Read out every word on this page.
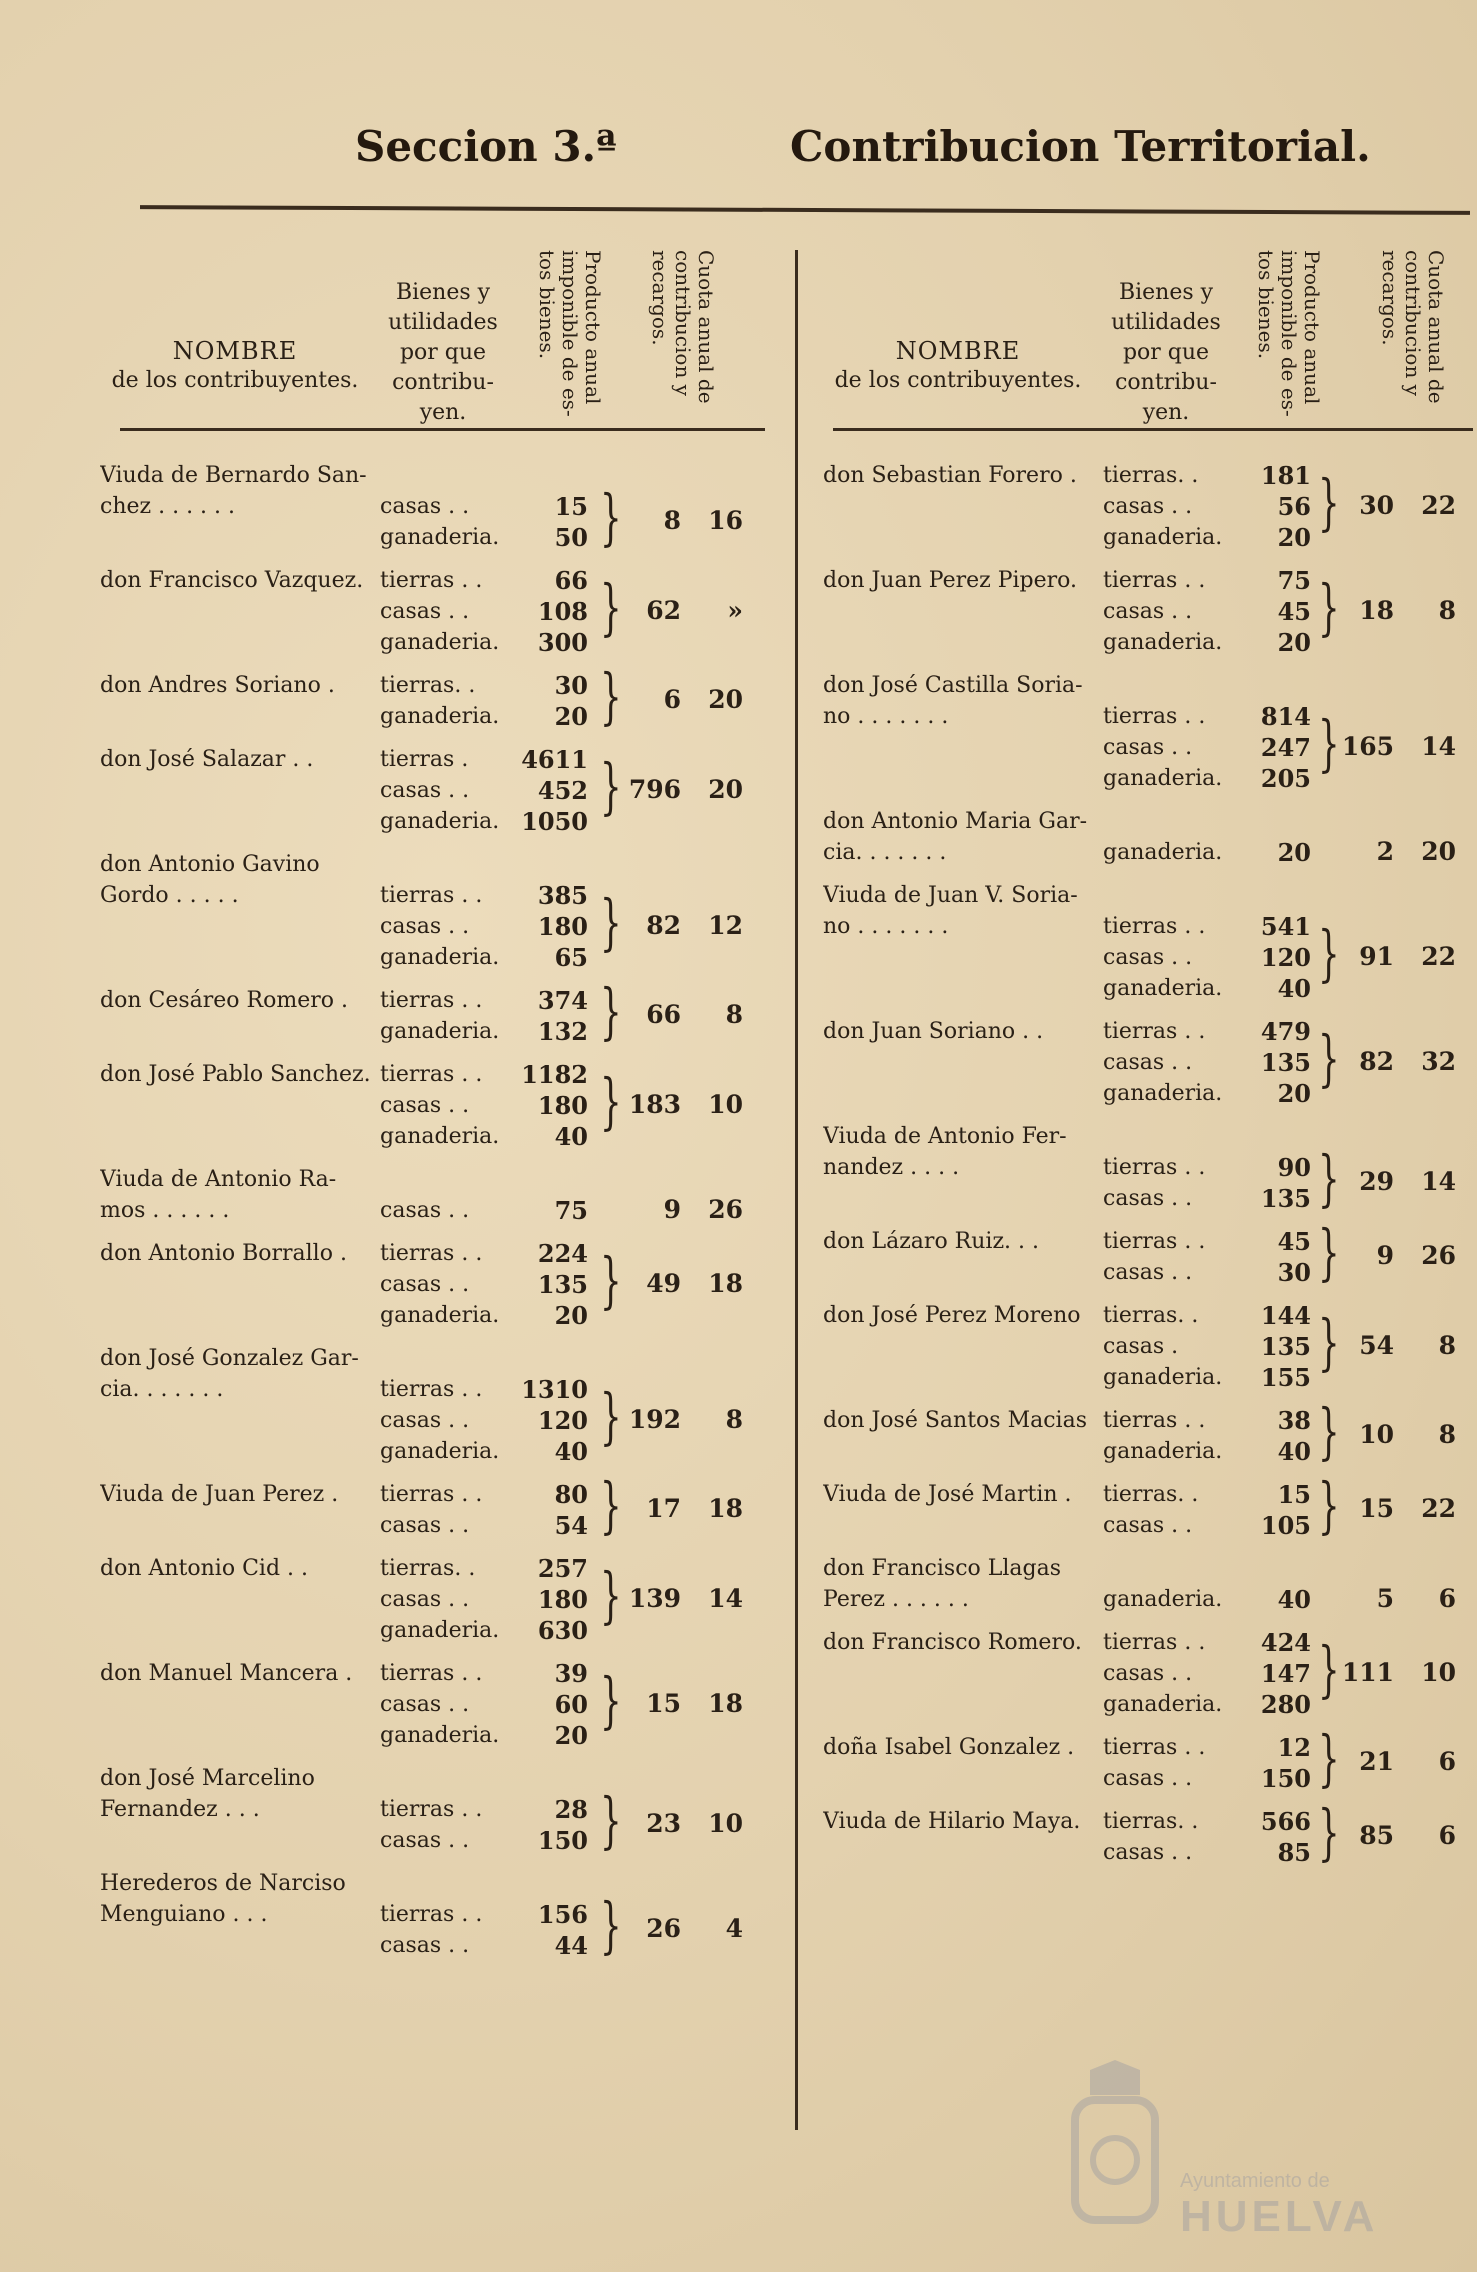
Seccion 3.ª	Contribucion Territorial.
NOMBRE
de los contribuyentes.
Bienes y utilidades por que contribu- yen.
Producto anual imponible de es- tos bienes.	Cuota anual de contribucion y recargos.
Viuda de Bernardo San-
chez . . . . . .	casas . .	15
ganaderia.	50 }	8 16
don Francisco Vazquez. tierras . .	66
casas . .	108
ganaderia.	300 } 62 »
don Andres Soriano .	tierras. .	30
ganaderia.	20 }	6 20
don José Salazar . .	tierras .	4611
casas . .	452
ganaderia. 1050 } 796 20
don Antonio Gavino
Gordo . . . . .	tierras . .	385
casas . .	180
ganaderia.	65 } 82 12
don Cesáreo Romero .	tierras . .	374
ganaderia.	132 } 66 8
don José Pablo Sanchez. tierras . .	1182
casas . .	180
ganaderia.	40 } 183 10
Viuda de Antonio Ra-
mos . . . . . .	casas . .	75	9 26
don Antonio Borrallo .	tierras . .	224
casas . .	135
ganaderia.	20 } 49 18
don José Gonzalez Gar-
cia. . . . . . .	tierras . .	1310
casas . .	120
ganaderia.	40 } 192 8
Viuda de Juan Perez .	tierras . .	80
casas . .	54 } 17 18
don Antonio Cid . .	tierras. .	257
casas . .	180
ganaderia.	630 } 139 14
don Manuel Mancera .	tierras . .	39
casas . .	60
ganaderia.	20 } 15 18
don José Marcelino
Fernandez . . .	tierras . .	28
casas . .	150 } 23 10
Herederos de Narciso
Menguiano . . .	tierras . .	156
casas . .	44 } 26 4
NOMBRE
de los contribuyentes.
Bienes y utilidades por que contribu- yen.
Producto anual imponible de es- tos bienes.	Cuota anual de contribucion y recargos.
don Sebastian Forero .	tierras. .	181
casas . .	56
ganaderia.	20 } 30 22
don Juan Perez Pipero.	tierras . .	75
casas . .	45
ganaderia.	20 } 18 8
don José Castilla Soria-
no . . . . . . .	tierras . .	814
casas . .	247
ganaderia.	205 } 165 14
don Antonio Maria Gar-
cia. . . . . . .	ganaderia.	20	2 20
Viuda de Juan V. Soria-
no . . . . . . .	tierras . .	541
casas . .	120
ganaderia.	40 } 91 22
don Juan Soriano . .	tierras . .	479
casas . .	135
ganaderia.	20 } 82 32
Viuda de Antonio Fer-
nandez . . . .	tierras . .	90
casas . .	135 } 29 14
don Lázaro Ruiz. . .	tierras . .	45
casas . .	30 }	9 26
don José Perez Moreno	tierras. .	144
casas .	135
ganaderia.	155 } 54 8
don José Santos Macias tierras . .	38
ganaderia.	40 } 10 8
Viuda de José Martin .	tierras. .	15
casas . .	105 } 15 22
don Francisco Llagas
Perez . . . . . .	ganaderia.	40	5 6
don Francisco Romero. tierras . .	424
casas . .	147
ganaderia.	280 } 111 10
doña Isabel Gonzalez .	tierras . .	12
casas . .	150 } 21 6
Viuda de Hilario Maya.	tierras. .	566
casas . .	85 } 85 6
Ayuntamiento de
HUELVA
